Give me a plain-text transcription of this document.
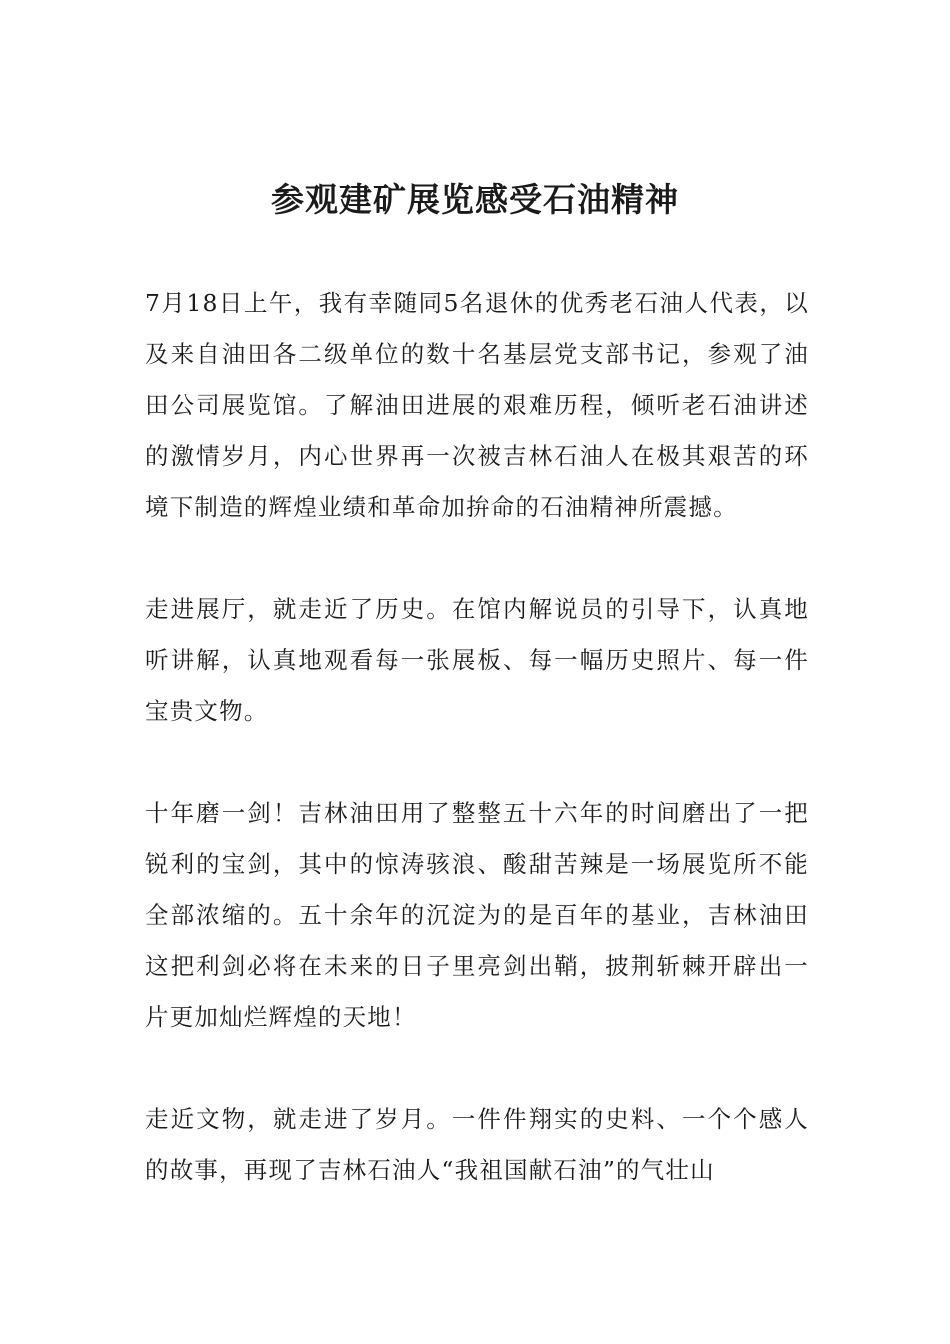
参观建矿展览感受石油精神

7月18日上午，我有幸随同5名退休的优秀老石油人代表，以及来自油田各二级单位的数十名基层党支部书记，参观了油田公司展览馆。了解油田进展的艰难历程，倾听老石油讲述的激情岁月，内心世界再一次被吉林石油人在极其艰苦的环境下制造的辉煌业绩和革命加拚命的石油精神所震撼。

走进展厅，就走近了历史。在馆内解说员的引导下，认真地听讲解，认真地观看每一张展板、每一幅历史照片、每一件宝贵文物。

十年磨一剑！吉林油田用了整整五十六年的时间磨出了一把锐利的宝剑，其中的惊涛骇浪、酸甜苦辣是一场展览所不能全部浓缩的。五十余年的沉淀为的是百年的基业，吉林油田这把利剑必将在未来的日子里亮剑出鞘，披荆斩棘开辟出一片更加灿烂辉煌的天地！

走近文物，就走进了岁月。一件件翔实的史料、一个个感人的故事，再现了吉林石油人“我祖国献石油”的气壮山
